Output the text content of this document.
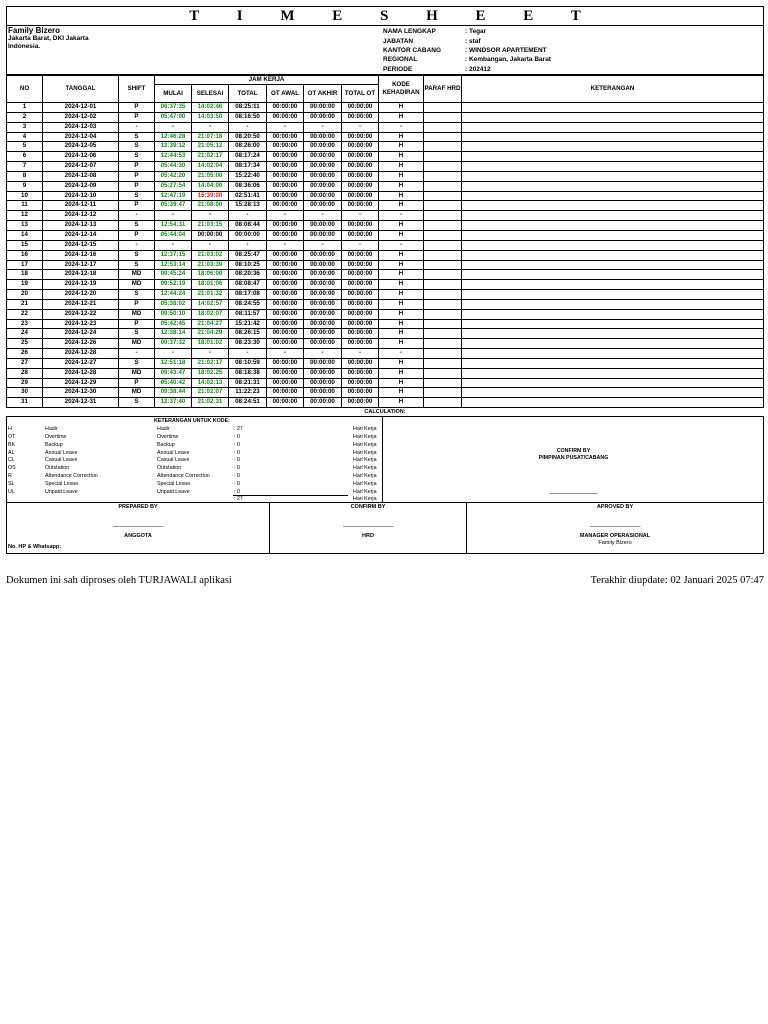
T I M E S H E E T
Family Bizero
Jakarta Barat, DKI Jakarta
Indonesia.
NAMA LENGKAP	: Tegar
JABATAN	: staf
KANTOR CABANG	: WINDSOR APARTEMENT
REGIONAL	: Kembangan, Jakarta Barat
PERIODE	: 202412
NO	TANGGAL	SHIFT	JAM KERJA						KODE KEHADIRAN	PARAF HRD	KETERANGAN
			MULAI	SELESAI	TOTAL	OT AWAL	OT AKHIR	TOTAL OT			
1	2024-12-01	P	06:37:35	14:02:46	08:25:11	00:00:00	00:00:00	00:00:00	H		
2	2024-12-02	P	05:47:00	14:03:50	08:16:50	00:00:00	00:00:00	00:00:00	H		
3	2024-12-03	-	-	-	-	-	-	-	-		
4	2024-12-04	S	12:46:28	21:07:18	08:20:50	00:00:00	00:00:00	00:00:00	H		
5	2024-12-05	S	12:39:12	21:05:12	08:26:00	00:00:00	00:00:00	00:00:00	H		
6	2024-12-06	S	12:44:53	21:02:17	08:17:24	00:00:00	00:00:00	00:00:00	H		
7	2024-12-07	P	05:44:30	14:02:04	08:17:34	00:00:00	00:00:00	00:00:00	H		
8	2024-12-08	P	05:42:20	21:05:00	15:22:40	00:00:00	00:00:00	00:00:00	H		
9	2024-12-09	P	05:27:54	14:04:00	08:36:06	00:00:00	00:00:00	00:00:00	H		
10	2024-12-10	S	12:47:19	15:39:00	02:51:41	00:00:00	00:00:00	00:00:00	H		
11	2024-12-11	P	05:39:47	21:08:00	15:28:13	00:00:00	00:00:00	00:00:00	H		
12	2024-12-12	-	-	-	-	-	-	-	-		
13	2024-12-13	S	12:54:31	21:03:15	08:08:44	00:00:00	00:00:00	00:00:00	H		
14	2024-12-14	P	05:44:04	00:00:00	00:00:00	00:00:00	00:00:00	00:00:00	H		
15	2024-12-15	-	-	-	-	-	-	-	-		
16	2024-12-16	S	12:37:15	21:03:02	08:25:47	00:00:00	00:00:00	00:00:00	H		
17	2024-12-17	S	12:53:14	21:03:39	08:10:25	00:00:00	00:00:00	00:00:00	H		
18	2024-12-18	MD	09:45:24	18:06:00	08:20:36	00:00:00	00:00:00	00:00:00	H		
19	2024-12-19	MD	09:52:19	18:01:06	08:08:47	00:00:00	00:00:00	00:00:00	H		
20	2024-12-20	S	12:44:24	21:01:32	08:17:08	00:00:00	00:00:00	00:00:00	H		
21	2024-12-21	P	05:38:02	14:02:57	08:24:55	00:00:00	00:00:00	00:00:00	H		
22	2024-12-22	MD	09:50:10	18:02:07	08:11:57	00:00:00	00:00:00	00:00:00	H		
23	2024-12-23	P	05:42:45	21:04:27	15:21:42	00:00:00	00:00:00	00:00:00	H		
24	2024-12-24	S	12:38:14	21:04:29	08:26:15	00:00:00	00:00:00	00:00:00	H		
25	2024-12-26	MD	09:37:32	18:01:02	08:23:30	00:00:00	00:00:00	00:00:00	H		
26	2024-12-28	-	-	-	-	-	-	-	-		
27	2024-12-27	S	12:51:18	21:02:17	08:10:59	00:00:00	00:00:00	00:00:00	H		
28	2024-12-28	MD	09:43:47	18:02:25	08:18:38	00:00:00	00:00:00	00:00:00	H		
29	2024-12-29	P	05:40:42	14:02:13	08:21:31	00:00:00	00:00:00	00:00:00	H		
30	2024-12-30	MD	09:38:44	21:02:07	11:22:23	00:00:00	00:00:00	00:00:00	H		
31	2024-12-31	S	12:37:40	21:02:31	08:24:51	00:00:00	00:00:00	00:00:00	H		
CALCULATION:
KETERANGAN UNTUK KODE:
H	Hadir	Hadir	: 27	Hari Kerja
OT	Overtime	Overtime	: 0	Hari Kerja
BK	Backup	Backup	: 0	Hari Kerja
AL	Annual Leave	Annual Leave	: 0	Hari Kerja
CL	Casual Leave	Casual Leave	: 0	Hari Kerja
OS	Outstation	Outstation	: 0	Hari Kerja
R	Attendance Correction	Attendance Correction	: 0	Hari Kerja
SL	Special Leave	Special Leave	: 0	Hari Kerja
UL	Unpaid Leave	Unpaid Leave	: 0	Hari Kerja
: 27	Hari Kerja
CONFIRM BY
PIMPINAN PUSAT/CABANG
--------------------------------------
PREPARED BY
--------------------------------------
ANGGOTA
No. HP & Whatsapp:
CONFIRM BY
--------------------------------------
HRD
APROVED BY
--------------------------------------
MANAGER OPERASIONAL
Family Bizero
Dokumen ini sah diproses oleh TURJAWALI aplikasi	Terakhir diupdate: 02 Januari 2025 07:47
